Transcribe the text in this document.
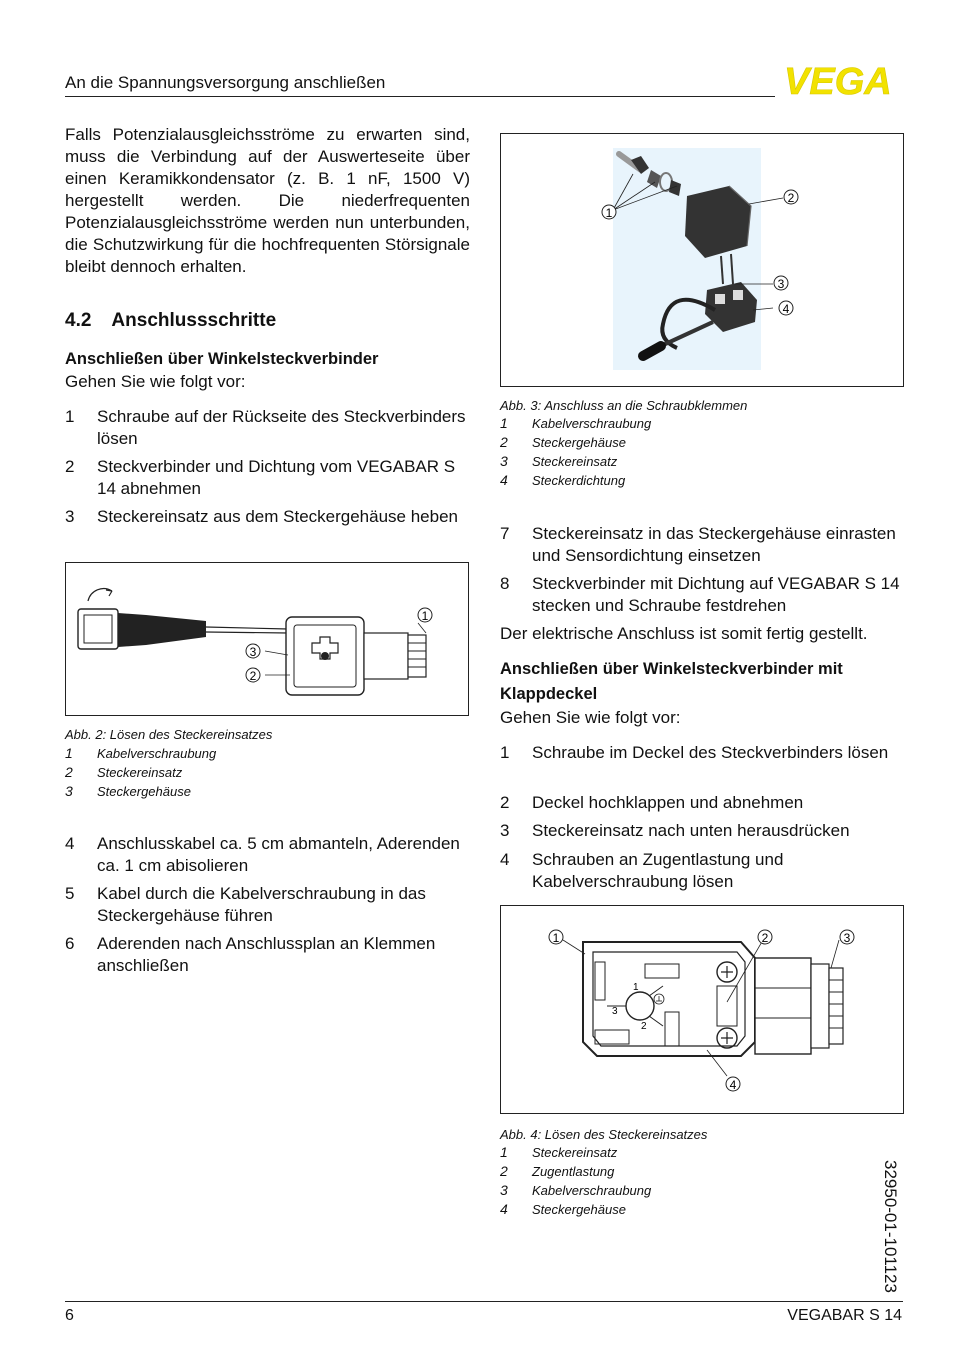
An die Spannungsversorgung anschließen	VEGA
Falls Potenzialausgleichsströme zu erwarten sind, muss die Verbindung auf der Auswerteseite über einen Keramikkondensator (z. B. 1 nF, 1500 V) hergestellt werden. Die niederfrequenten Potenzialausgleichsströme werden nun unterbunden, die Schutzwirkung für die hochfrequenten Störsignale bleibt dennoch erhalten.
4.2 Anschlussschritte
Anschließen über Winkelsteckverbinder
Gehen Sie wie folgt vor:
1 Schraube auf der Rückseite des Steckverbinders lösen
2 Steckverbinder und Dichtung vom VEGABAR S 14 abnehmen
3 Steckereinsatz aus dem Steckergehäuse heben
1
3
2
Abb. 2: Lösen des Steckereinsatzes
1 Kabelverschraubung
2 Steckereinsatz
3 Steckergehäuse
4 Anschlusskabel ca. 5 cm abmanteln, Aderenden ca. 1 cm abisolieren
5 Kabel durch die Kabelverschraubung in das Steckergehäuse führen
6 Aderenden nach Anschlussplan an Klemmen anschließen
1
2
3
4
Abb. 3: Anschluss an die Schraubklemmen
1 Kabelverschraubung
2 Steckergehäuse
3 Steckereinsatz
4 Steckerdichtung
7 Steckereinsatz in das Steckergehäuse einrasten und Sensordichtung einsetzen
8 Steckverbinder mit Dichtung auf VEGABAR S 14 stecken und Schraube festdrehen
Der elektrische Anschluss ist somit fertig gestellt.
Anschließen über Winkelsteckverbinder mit
Klappdeckel
Gehen Sie wie folgt vor:
1 Schraube im Deckel des Steckverbinders lösen
2 Deckel hochklappen und abnehmen
3 Steckereinsatz nach unten herausdrücken
4 Schrauben an Zugentlastung und Kabelverschraubung lösen
1
3
2
1	2	3
4
Abb. 4: Lösen des Steckereinsatzes
1 Steckereinsatz
2 Zugentlastung
3 Kabelverschraubung
4 Steckergehäuse	32950-01-101123
6	VEGABAR S 14
